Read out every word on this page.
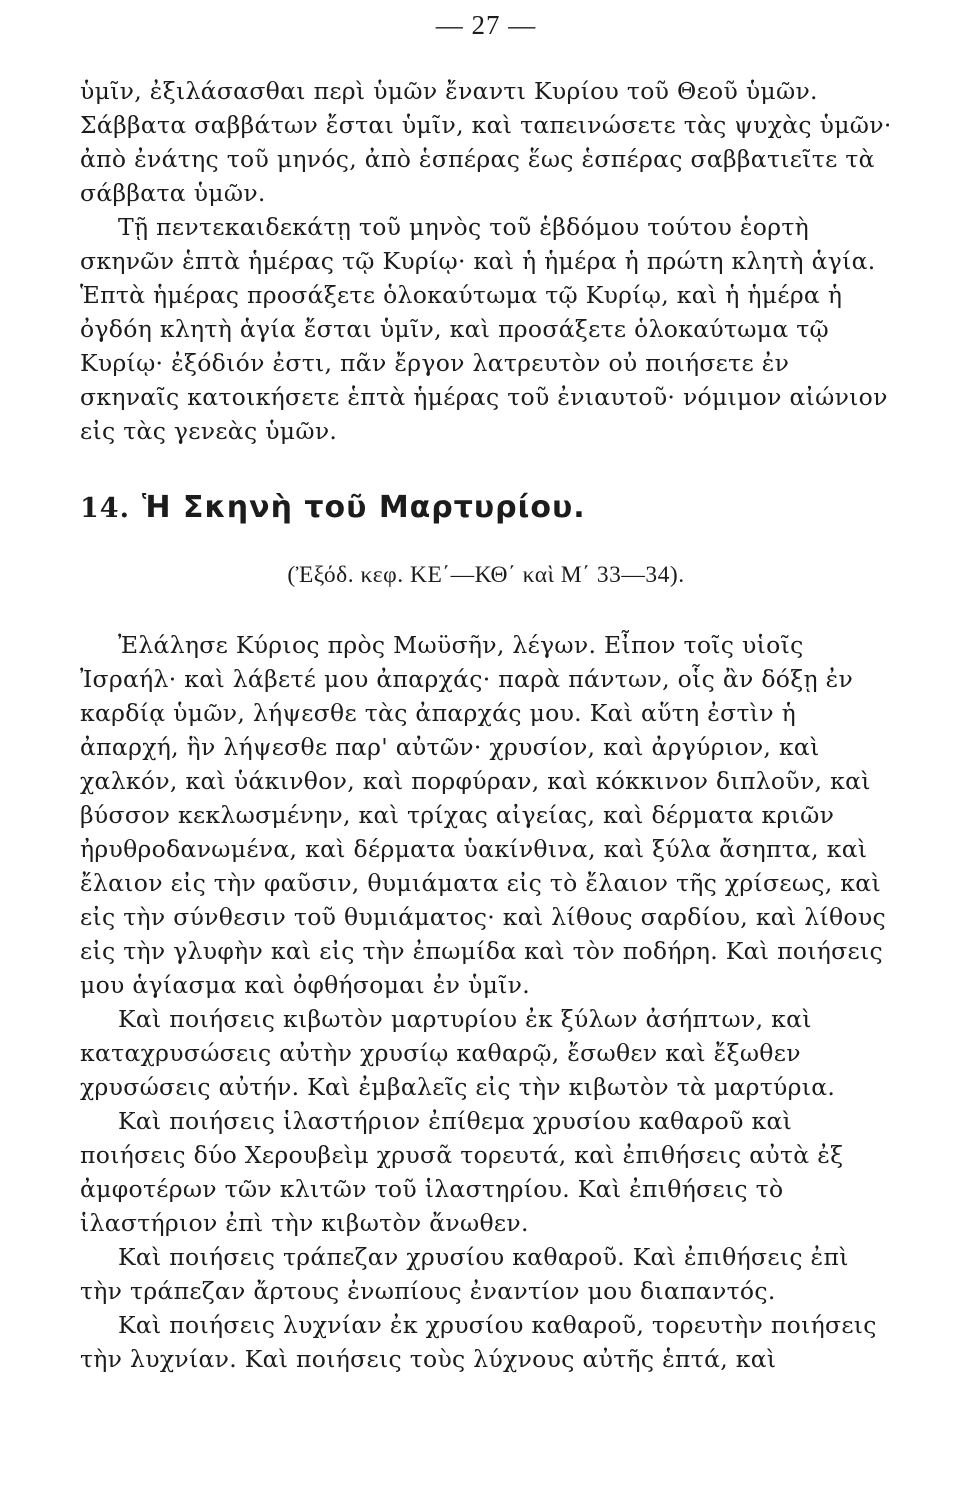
— 27 —

ὑμῖν, ἐξιλάσασθαι περὶ ὑμῶν ἔναντι Κυρίου τοῦ Θεοῦ ὑμῶν. Σάββατα σαββάτων ἔσται ὑμῖν, καὶ ταπεινώσετε τὰς ψυχὰς ὑμῶν· ἀπὸ ἐνάτης τοῦ μηνός, ἀπὸ ἑσπέρας ἕως ἑσπέρας σαββατιεῖτε τὰ σάββατα ὑμῶν.

Τῇ πεντεκαιδεκάτῃ τοῦ μηνὸς τοῦ ἑβδόμου τούτου ἑορτὴ σκηνῶν ἑπτὰ ἡμέρας τῷ Κυρίῳ· καὶ ἡ ἡμέρα ἡ πρώτη κλητὴ ἁγία. Ἑπτὰ ἡμέρας προσάξετε ὁλοκαύτωμα τῷ Κυρίῳ, καὶ ἡ ἡμέρα ἡ ὀγδόη κλητὴ ἁγία ἔσται ὑμῖν, καὶ προσάξετε ὁλοκαύτωμα τῷ Κυρίῳ· ἐξόδιόν ἐστι, πᾶν ἔργον λατρευτὸν οὐ ποιήσετε ἐν σκηναῖς κατοικήσετε ἑπτὰ ἡμέρας τοῦ ἐνιαυτοῦ· νόμιμον αἰώνιον εἰς τὰς γενεὰς ὑμῶν.

14. Ἡ Σκηνὴ τοῦ Μαρτυρίου.
(Ἐξόδ. κεφ. ΚΕ΄—ΚΘ΄ καὶ Μ΄ 33—34).

Ἐλάλησε Κύριος πρὸς Μωϋσῆν, λέγων. Εἶπον τοῖς υἱοῖς Ἰσραήλ· καὶ λάβετέ μου ἀπαρχάς· παρὰ πάντων, οἷς ἂν δόξῃ ἐν καρδίᾳ ὑμῶν, λήψεσθε τὰς ἀπαρχάς μου. Καὶ αὕτη ἐστὶν ἡ ἀπαρχή, ἣν λήψεσθε παρ' αὐτῶν· χρυσίον, καὶ ἀργύριον, καὶ χαλκόν, καὶ ὑάκινθον, καὶ πορφύραν, καὶ κόκκινον διπλοῦν, καὶ βύσσον κεκλωσμένην, καὶ τρίχας αἰγείας, καὶ δέρματα κριῶν ἠρυθροδανωμένα, καὶ δέρματα ὑακίνθινα, καὶ ξύλα ἄσηπτα, καὶ ἔλαιον εἰς τὴν φαῦσιν, θυμιάματα εἰς τὸ ἔλαιον τῆς χρίσεως, καὶ εἰς τὴν σύνθεσιν τοῦ θυμιάματος· καὶ λίθους σαρδίου, καὶ λίθους εἰς τὴν γλυφὴν καὶ εἰς τὴν ἐπωμίδα καὶ τὸν ποδήρη. Καὶ ποιήσεις μου ἁγίασμα καὶ ὀφθήσομαι ἐν ὑμῖν.

Καὶ ποιήσεις κιβωτὸν μαρτυρίου ἐκ ξύλων ἀσήπτων, καὶ καταχρυσώσεις αὐτὴν χρυσίῳ καθαρῷ, ἔσωθεν καὶ ἔξωθεν χρυσώσεις αὐτήν. Καὶ ἐμβαλεῖς εἰς τὴν κιβωτὸν τὰ μαρτύρια.

Καὶ ποιήσεις ἱλαστήριον ἐπίθεμα χρυσίου καθαροῦ καὶ ποιήσεις δύο Χερουβεὶμ χρυσᾶ τορευτά, καὶ ἐπιθήσεις αὐτὰ ἐξ ἀμφοτέρων τῶν κλιτῶν τοῦ ἱλαστηρίου. Καὶ ἐπιθήσεις τὸ ἱλαστήριον ἐπὶ τὴν κιβωτὸν ἄνωθεν.

Καὶ ποιήσεις τράπεζαν χρυσίου καθαροῦ. Καὶ ἐπιθήσεις ἐπὶ τὴν τράπεζαν ἄρτους ἐνωπίους ἐναντίον μου διαπαντός.

Καὶ ποιήσεις λυχνίαν ἐκ χρυσίου καθαροῦ, τορευτὴν ποιήσεις τὴν λυχνίαν. Καὶ ποιήσεις τοὺς λύχνους αὐτῆς ἑπτά, καὶ
